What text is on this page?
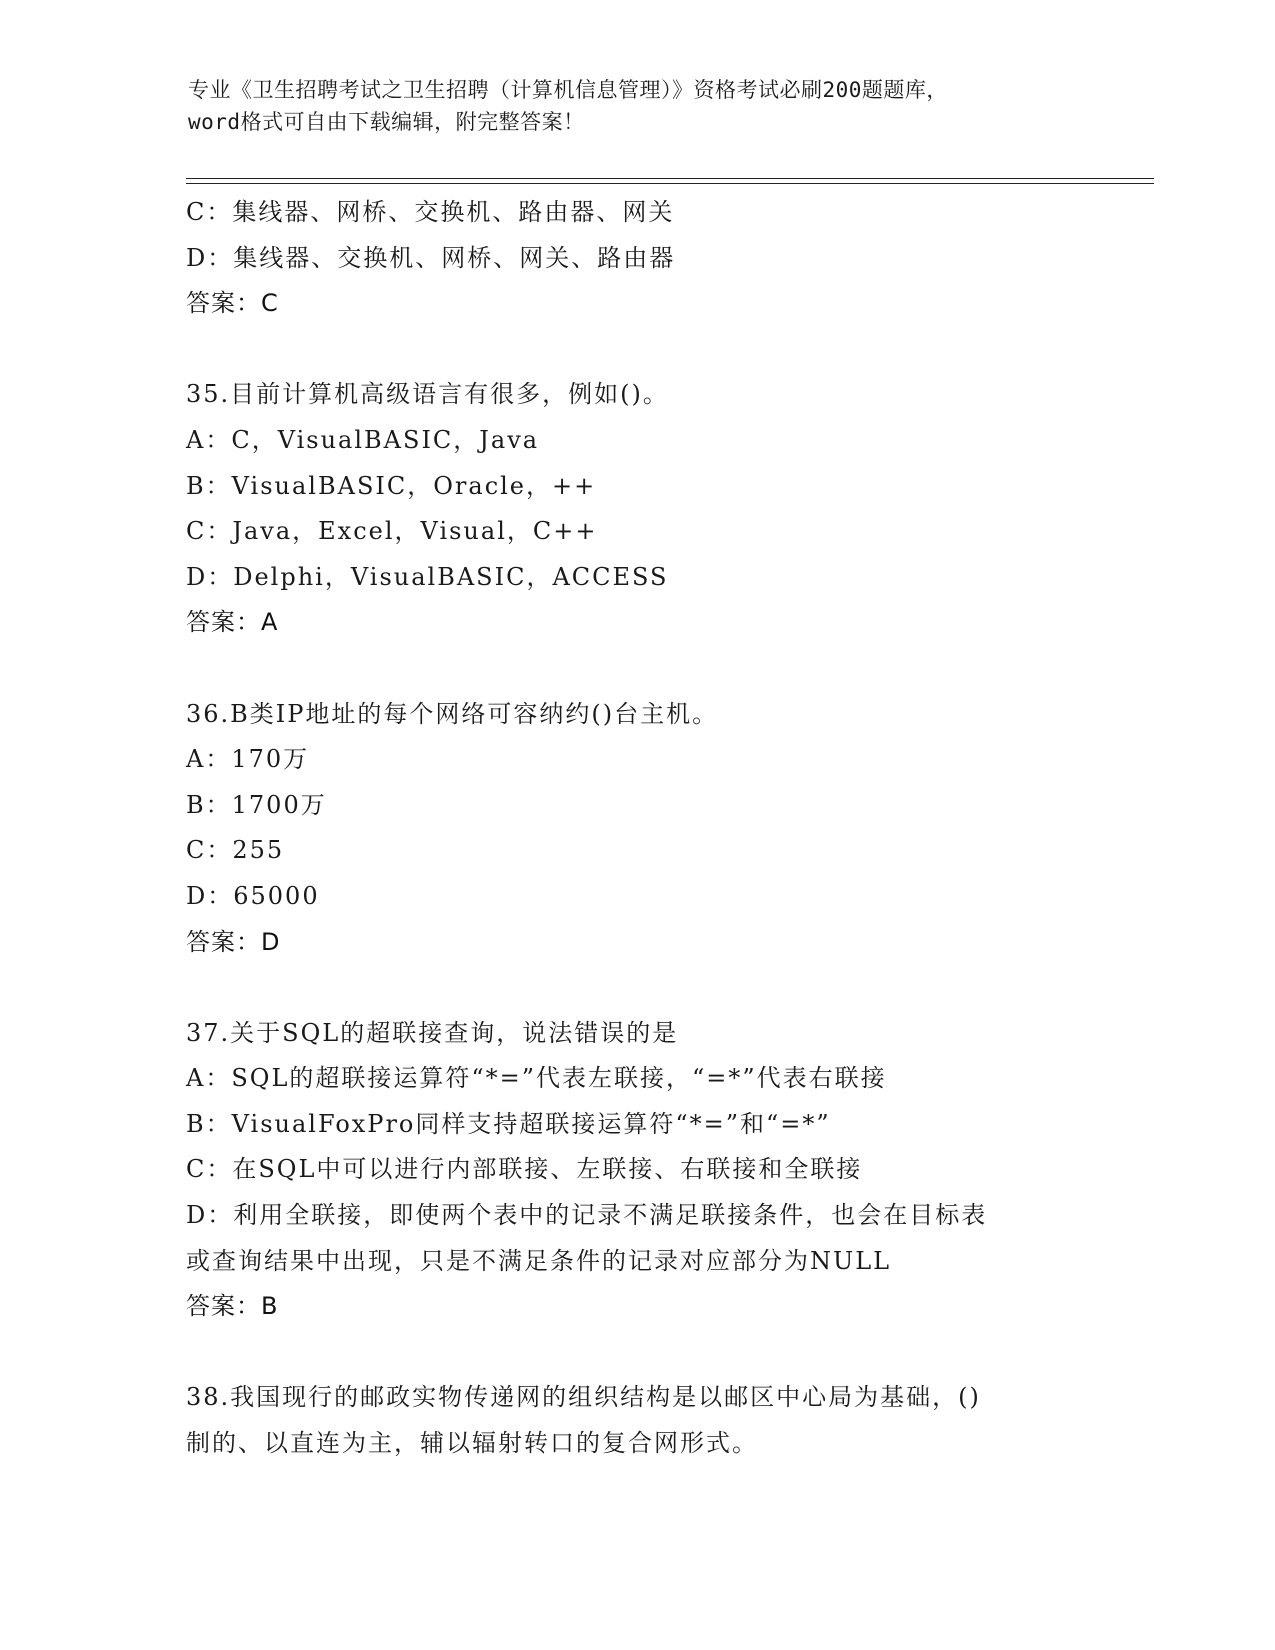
专业《卫生招聘考试之卫生招聘（计算机信息管理）》资格考试必刷200题题库，
word格式可自由下载编辑，附完整答案！
C：集线器、网桥、交换机、路由器、网关
D：集线器、交换机、网桥、网关、路由器
答案：C
35.目前计算机高级语言有很多，例如()。
A：C，VisualBASIC，Java
B：VisualBASIC，Oracle，++
C：Java，Excel，Visual，C++
D：Delphi，VisualBASIC，ACCESS
答案：A
36.B类IP地址的每个网络可容纳约()台主机。
A：170万
B：1700万
C：255
D：65000
答案：D
37.关于SQL的超联接查询，说法错误的是
A：SQL的超联接运算符“*=”代表左联接，“=*”代表右联接
B：VisualFoxPro同样支持超联接运算符“*=”和“=*”
C：在SQL中可以进行内部联接、左联接、右联接和全联接
D：利用全联接，即使两个表中的记录不满足联接条件，也会在目标表
或查询结果中出现，只是不满足条件的记录对应部分为NULL
答案：B
38.我国现行的邮政实物传递网的组织结构是以邮区中心局为基础，()
制的、以直连为主，辅以辐射转口的复合网形式。
